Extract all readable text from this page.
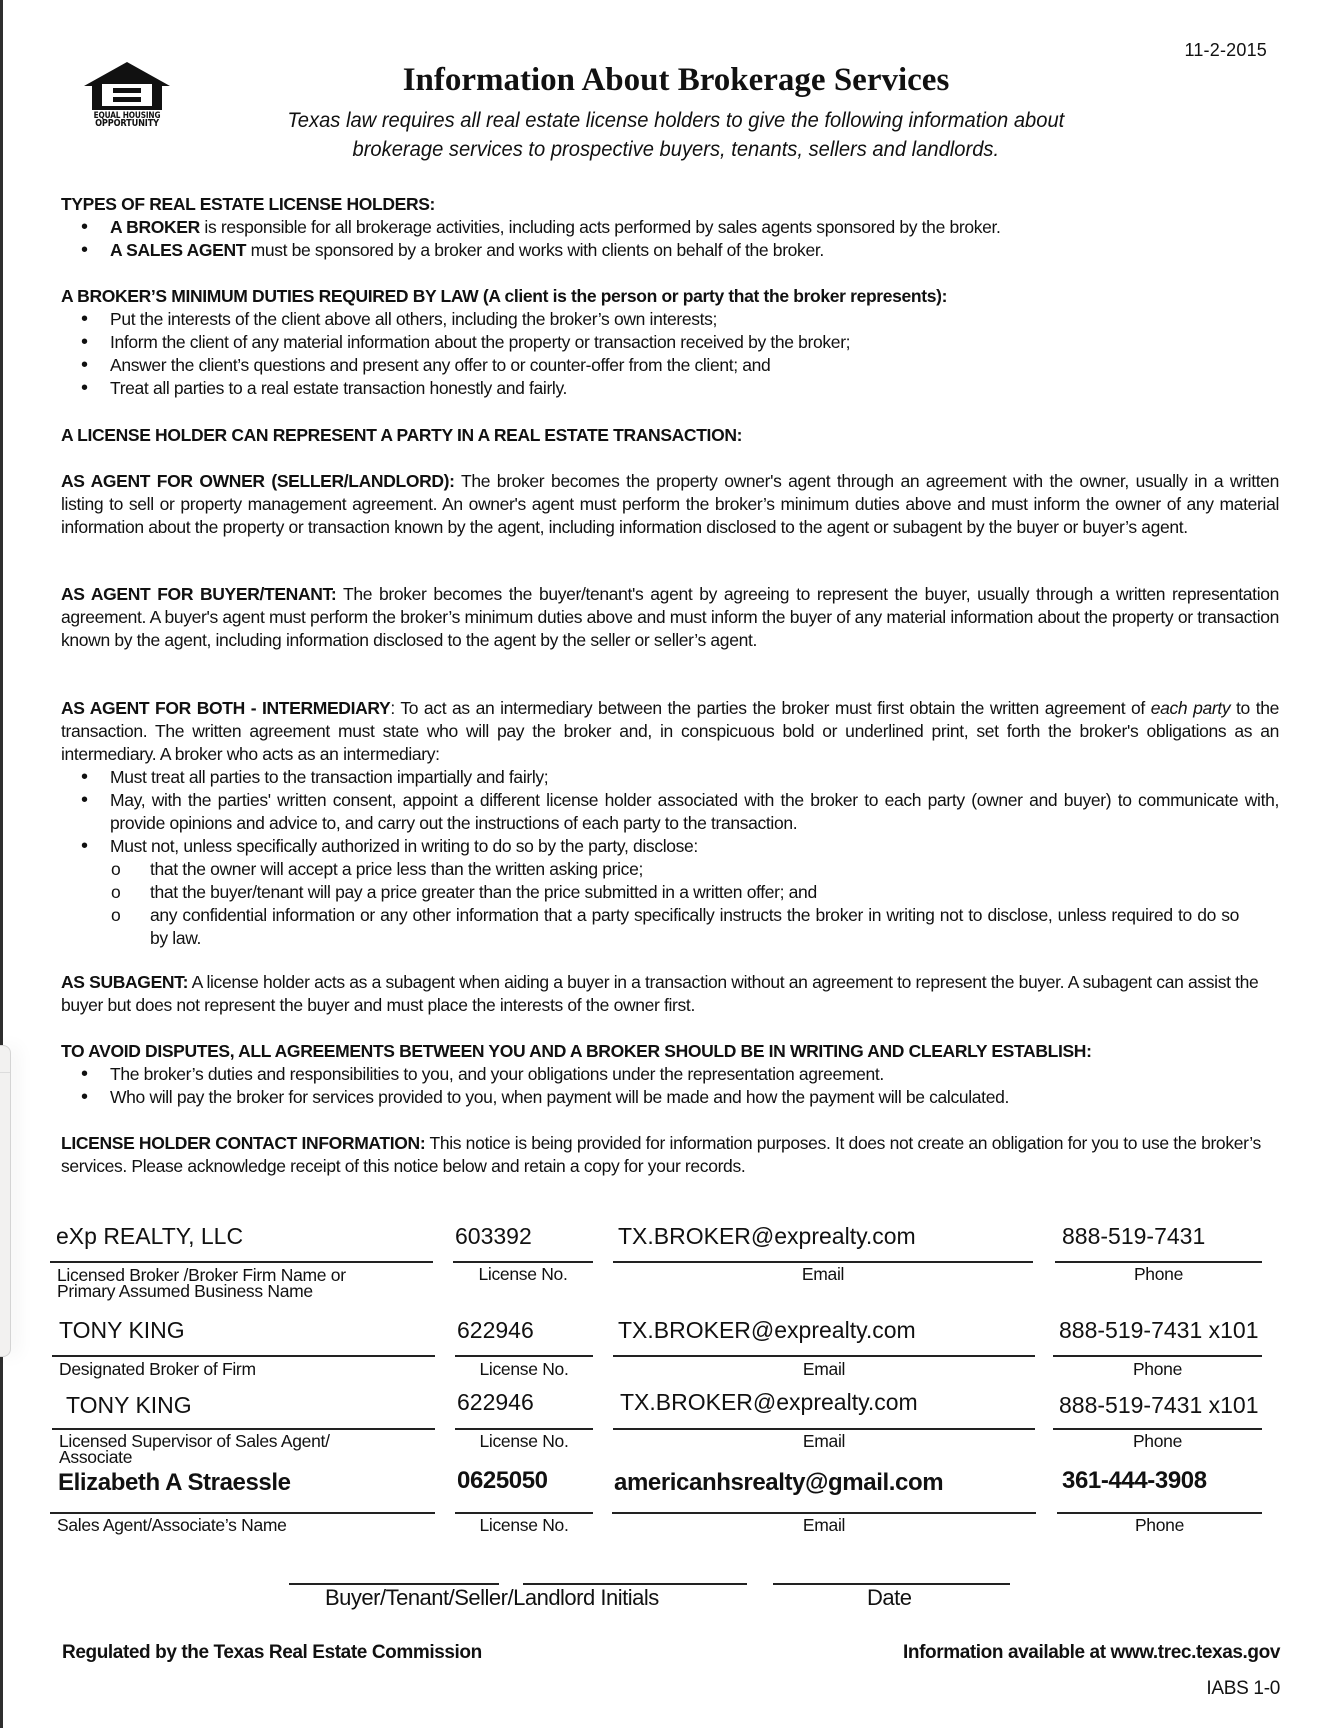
11-2-2015
EQUAL HOUSING
OPPORTUNITY
Information About Brokerage Services
Texas law requires all real estate license holders to give the following information about
brokerage services to prospective buyers, tenants, sellers and landlords.
TYPES OF REAL ESTATE LICENSE HOLDERS:
• A BROKER is responsible for all brokerage activities, including acts performed by sales agents sponsored by the broker.
• A SALES AGENT must be sponsored by a broker and works with clients on behalf of the broker.
A BROKER’S MINIMUM DUTIES REQUIRED BY LAW (A client is the person or party that the broker represents):
• Put the interests of the client above all others, including the broker’s own interests;
• Inform the client of any material information about the property or transaction received by the broker;
• Answer the client’s questions and present any offer to or counter-offer from the client; and
• Treat all parties to a real estate transaction honestly and fairly.
A LICENSE HOLDER CAN REPRESENT A PARTY IN A REAL ESTATE TRANSACTION:
AS AGENT FOR OWNER (SELLER/LANDLORD): The broker becomes the property owner's agent through an agreement with the owner, usually in a written listing to sell or property management agreement. An owner's agent must perform the broker’s minimum duties above and must inform the owner of any material information about the property or transaction known by the agent, including information disclosed to the agent or subagent by the buyer or buyer’s agent.
AS AGENT FOR BUYER/TENANT: The broker becomes the buyer/tenant's agent by agreeing to represent the buyer, usually through a written representation agreement. A buyer's agent must perform the broker’s minimum duties above and must inform the buyer of any material information about the property or transaction known by the agent, including information disclosed to the agent by the seller or seller’s agent.
AS AGENT FOR BOTH - INTERMEDIARY: To act as an intermediary between the parties the broker must first obtain the written agreement of each party to the transaction. The written agreement must state who will pay the broker and, in conspicuous bold or underlined print, set forth the broker's obligations as an intermediary. A broker who acts as an intermediary:
• Must treat all parties to the transaction impartially and fairly;
• May, with the parties' written consent, appoint a different license holder associated with the broker to each party (owner and buyer) to communicate with, provide opinions and advice to, and carry out the instructions of each party to the transaction.
• Must not, unless specifically authorized in writing to do so by the party, disclose:
o that the owner will accept a price less than the written asking price;
o that the buyer/tenant will pay a price greater than the price submitted in a written offer; and
o any confidential information or any other information that a party specifically instructs the broker in writing not to disclose, unless required to do so by law.
AS SUBAGENT: A license holder acts as a subagent when aiding a buyer in a transaction without an agreement to represent the buyer. A subagent can assist the buyer but does not represent the buyer and must place the interests of the owner first.
TO AVOID DISPUTES, ALL AGREEMENTS BETWEEN YOU AND A BROKER SHOULD BE IN WRITING AND CLEARLY ESTABLISH:
• The broker’s duties and responsibilities to you, and your obligations under the representation agreement.
• Who will pay the broker for services provided to you, when payment will be made and how the payment will be calculated.
LICENSE HOLDER CONTACT INFORMATION: This notice is being provided for information purposes. It does not create an obligation for you to use the broker’s services. Please acknowledge receipt of this notice below and retain a copy for your records.
eXp REALTY, LLC	603392	TX.BROKER@exprealty.com	888-519-7431
Licensed Broker /Broker Firm Name or
Primary Assumed Business Name
License No.	Email	Phone
TONY KING	622946	TX.BROKER@exprealty.com	888-519-7431 x101
Designated Broker of Firm	License No.	Email	Phone
TONY KING	622946	TX.BROKER@exprealty.com	888-519-7431 x101
Licensed Supervisor of Sales Agent/
Associate
License No.	Email	Phone
Elizabeth A Straessle	0625050	americanhsrealty@gmail.com	361-444-3908
Sales Agent/Associate’s Name	License No.	Email	Phone
Buyer/Tenant/Seller/Landlord Initials	Date
Regulated by the Texas Real Estate Commission	Information available at www.trec.texas.gov
IABS 1-0
